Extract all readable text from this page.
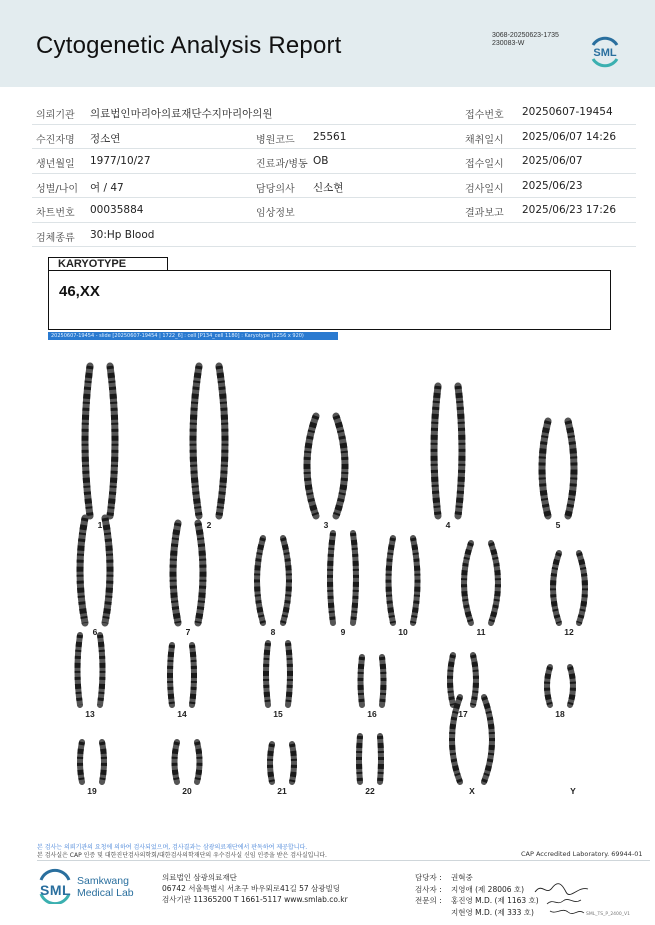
Cytogenetic Analysis Report	3068-20250623-1735
230083-W
SML
의뢰기관 의료법인마리아의료재단수지마리아의원	접수번호 20250607-19454
수진자명 정소연	병원코드 25561	채취일시 2025/06/07 14:26
생년월일 1977/10/27	진료과/병동 OB	접수일시 2025/06/07
성별/나이 여 / 47	담당의사 신소현	검사일시 2025/06/23
차트번호 00035884	임상정보	결과보고 2025/06/23 17:26
검체종류 30:Hp Blood
KARYOTYPE
46,XX
20250607-19454 - slide [20250607-19454 | 1722_6] : cell [P134_cell 1180] : Karyotype (1256 x 920)
1	2	3	4	5
6	7	8	9	10	11	12
13	14	15	16	17	18
19	20	21	22	X	Y
본 검사는 의뢰기관의 요청에 의하여 검사되었으며, 검사결과는 삼광의료재단에서 판독하여 제공합니다.
본 검사실은 CAP 인증 및 대한진단검사의학회/대한검사의학재단의 우수검사실 신임 인증을 받은 검사실입니다.	CAP Accredited Laboratory. 69944-01
SML
Samkwang
Medical Lab
의료법인 삼광의료재단
06742 서울특별시 서초구 바우뫼로41길 57 삼광빌딩
검사기관 11365200 T 1661-5117 www.smlab.co.kr
담당자 : 권혁중
검사자 : 지영애 (제 28006 호)
전문의 : 홍진영 M.D. (제 1163 호)
지현영 M.D. (제 333 호)	SML_TS_P_2400_V1
